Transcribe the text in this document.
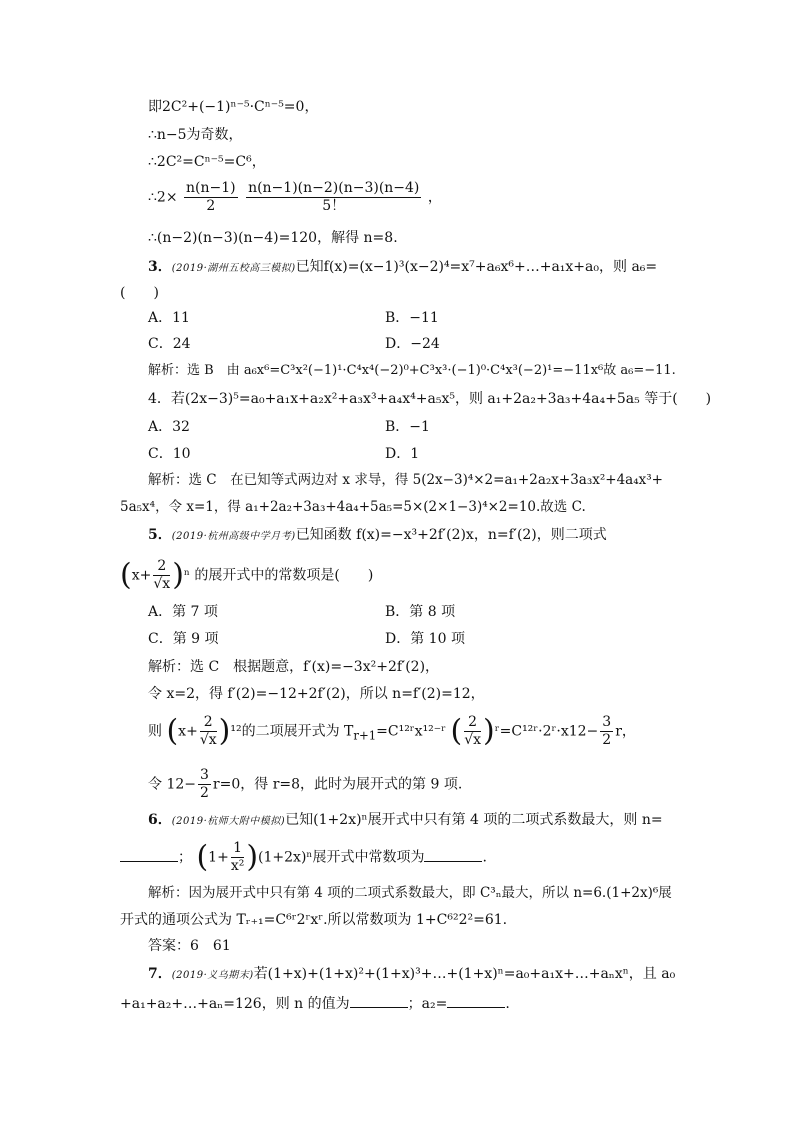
即2C²+(−1)ⁿ⁻⁵·Cⁿ⁻⁵=0，
∴n−5为奇数，
∴2C²=Cⁿ⁻⁵=C⁶，
∴2× $\frac{n(n-1)}{2}$
$\frac{n(n-1)(n-2)(n-3)(n-4)}{5!}$ ，
∴(n−2)(n−3)(n−4)=120，解得 n=8.
3．(2019·湖州五校高三模拟)已知f(x)=(x−1)³(x−2)⁴=x⁷+a₆x⁶+…+a₁x+a₀，则 a₆=
(　　)
A．11	B．−11
C．24	D．−24
解析：选 B　由 a₆x⁶=C³x²(−1)¹·C⁴x⁴(−2)⁰+C³x³·(−1)⁰·C⁴x³(−2)¹=−11x⁶故 a₆=−11.
4．若(2x−3)⁵=a₀+a₁x+a₂x²+a₃x³+a₄x⁴+a₅x⁵，则 a₁+2a₂+3a₃+4a₄+5a₅ 等于(　　)
A．32	B．−1
C．10	D．1
解析：选 C　在已知等式两边对 x 求导，得 5(2x−3)⁴×2=a₁+2a₂x+3a₃x²+4a₄x³+
5a₅x⁴，令 x=1，得 a₁+2a₂+3a₃+4a₄+5a₅=5×(2×1−3)⁴×2=10.故选 C.
5．(2019·杭州高级中学月考)已知函数 f(x)=−x³+2f′(2)x，n=f′(2)，则二项式
$(x+ \frac{2}{√x} )^n$ 的展开式中的常数项是(　　)
A．第 7 项	B．第 8 项
C．第 9 项	D．第 10 项
解析：选 C　根据题意，f′(x)=−3x²+2f′(2)，
令 x=2，得 f′(2)=−12+2f′(2)，所以 n=f′(2)=12，
则 $(x+ \frac{2}{√x} )^{12}$的二项展开式为 $T_{r+1}=C^{12}ʳx^{12-}ʳ$ ( $\frac{2}{√x}$ )ʳ=C¹²ʳ·2ʳ·x12− $\frac{3}{2}$ r，
令 $12- \frac{3}{2} r=0$，得 r=8，此时为展开式的第 9 项.
6．(2019·杭师大附中模拟)已知(1+2x)ⁿ展开式中只有第 4 项的二项式系数最大，则 n=
； $(1+ \frac{1}{\text{x²}} )(1+2x)^n$展开式中常数项为	.
解析：因为展开式中只有第 4 项的二项式系数最大，即 C³ₙ最大，所以 n=6.(1+2x)⁶展
开式的通项公式为 Tᵣ₊₁=C⁶ʳ2ʳxʳ.所以常数项为 1+C⁶²2²=61.
答案：6　61
7．(2019·义乌期末)若(1+x)+(1+x)²+(1+x)³+…+(1+x)ⁿ=a₀+a₁x+…+aₙxⁿ，且 a₀
+a₁+a₂+…+aₙ=126，则 n 的值为	；a₂=	.
